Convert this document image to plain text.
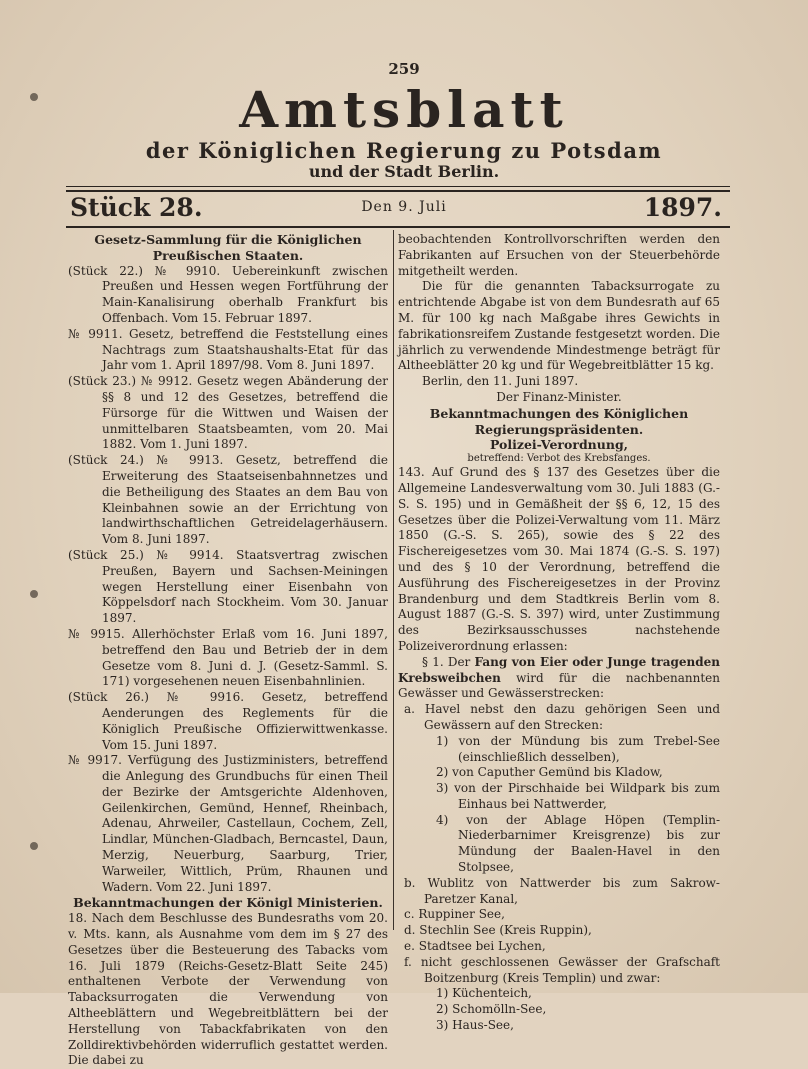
259
Amtsblatt
der Königlichen Regierung zu Potsdam
und der Stadt Berlin.
Stück 28.	Den 9. Juli	1897.

Gesetz-Sammlung für die Königlichen Preußischen Staaten.

(Stück 22.) № 9910. Uebereinkunft zwischen Preußen und Hessen wegen Fortführung der Main-Kanalisirung oberhalb Frankfurt bis Offenbach. Vom 15. Februar 1897.

№ 9911. Gesetz, betreffend die Feststellung eines Nachtrags zum Staatshaushalts-Etat für das Jahr vom 1. April 1897/98. Vom 8. Juni 1897.

(Stück 23.) № 9912. Gesetz wegen Abänderung der §§ 8 und 12 des Gesetzes, betreffend die Fürsorge für die Wittwen und Waisen der unmittelbaren Staatsbeamten, vom 20. Mai 1882. Vom 1. Juni 1897.

(Stück 24.) № 9913. Gesetz, betreffend die Erweiterung des Staatseisenbahnnetzes und die Betheiligung des Staates an dem Bau von Kleinbahnen sowie an der Errichtung von landwirthschaftlichen Getreidelagerhäusern. Vom 8. Juni 1897.

(Stück 25.) № 9914. Staatsvertrag zwischen Preußen, Bayern und Sachsen-Meiningen wegen Herstellung einer Eisenbahn von Köppelsdorf nach Stockheim. Vom 30. Januar 1897.

№ 9915. Allerhöchster Erlaß vom 16. Juni 1897, betreffend den Bau und Betrieb der in dem Gesetze vom 8. Juni d. J. (Gesetz-Samml. S. 171) vorgesehenen neuen Eisenbahnlinien.

(Stück 26.) № 9916. Gesetz, betreffend Aenderungen des Reglements für die Königlich Preußische Offizierwittwenkasse. Vom 15. Juni 1897.

№ 9917. Verfügung des Justizministers, betreffend die Anlegung des Grundbuchs für einen Theil der Bezirke der Amtsgerichte Aldenhoven, Geilenkirchen, Gemünd, Hennef, Rheinbach, Adenau, Ahrweiler, Castellaun, Cochem, Zell, Lindlar, München-Gladbach, Berncastel, Daun, Merzig, Neuerburg, Saarburg, Trier, Warweiler, Wittlich, Prüm, Rhaunen und Wadern. Vom 22. Juni 1897.

Bekanntmachungen der Königl Ministerien.

18. Nach dem Beschlusse des Bundesraths vom 20. v. Mts. kann, als Ausnahme vom dem im § 27 des Gesetzes über die Besteuerung des Tabacks vom 16. Juli 1879 (Reichs-Gesetz-Blatt Seite 245) enthaltenen Verbote der Verwendung von Tabacksurrogaten die Verwendung von Altheeblättern und Wegebreitblättern bei der Herstellung von Tabackfabrikaten von den Zolldirektivbehörden widerruflich gestattet werden. Die dabei zu

beobachtenden Kontrollvorschriften werden den Fabrikanten auf Ersuchen von der Steuerbehörde mitgetheilt werden.

Die für die genannten Tabacksurrogate zu entrichtende Abgabe ist von dem Bundesrath auf 65 M. für 100 kg nach Maßgabe ihres Gewichts in fabrikationsreifem Zustande festgesetzt worden. Die jährlich zu verwendende Mindestmenge beträgt für Altheeblätter 20 kg und für Wegebreitblätter 15 kg.

Berlin, den 11. Juni 1897.

Der Finanz-Minister.

Bekanntmachungen des Königlichen Regierungspräsidenten.

Polizei-Verordnung,

betreffend: Verbot des Krebsfanges.

143. Auf Grund des § 137 des Gesetzes über die Allgemeine Landesverwaltung vom 30. Juli 1883 (G.-S. S. 195) und in Gemäßheit der §§ 6, 12, 15 des Gesetzes über die Polizei-Verwaltung vom 11. März 1850 (G.-S. S. 265), sowie des § 22 des Fischereigesetzes vom 30. Mai 1874 (G.-S. S. 197) und des § 10 der Verordnung, betreffend die Ausführung des Fischereigesetzes in der Provinz Brandenburg und dem Stadtkreis Berlin vom 8. August 1887 (G.-S. S. 397) wird, unter Zustimmung des Bezirksausschusses nachstehende Polizeiverordnung erlassen:

§ 1. Der Fang von Eier oder Junge tragenden Krebsweibchen wird für die nachbenannten Gewässer und Gewässerstrecken:

a. Havel nebst den dazu gehörigen Seen und Gewässern auf den Strecken:

1) von der Mündung bis zum Trebel-See (einschließlich desselben),

2) von Caputher Gemünd bis Kladow,

3) von der Pirschhaide bei Wildpark bis zum Einhaus bei Nattwerder,

4) von der Ablage Höpen (Templin-Niederbarnimer Kreisgrenze) bis zur Mündung der Baalen-Havel in den Stolpsee,

b. Wublitz von Nattwerder bis zum Sakrow-Paretzer Kanal,

c. Ruppiner See,

d. Stechlin See (Kreis Ruppin),

e. Stadtsee bei Lychen,

f. nicht geschlossenen Gewässer der Grafschaft Boitzenburg (Kreis Templin) und zwar:

1) Küchenteich,

2) Schomölln-See,

3) Haus-See,
